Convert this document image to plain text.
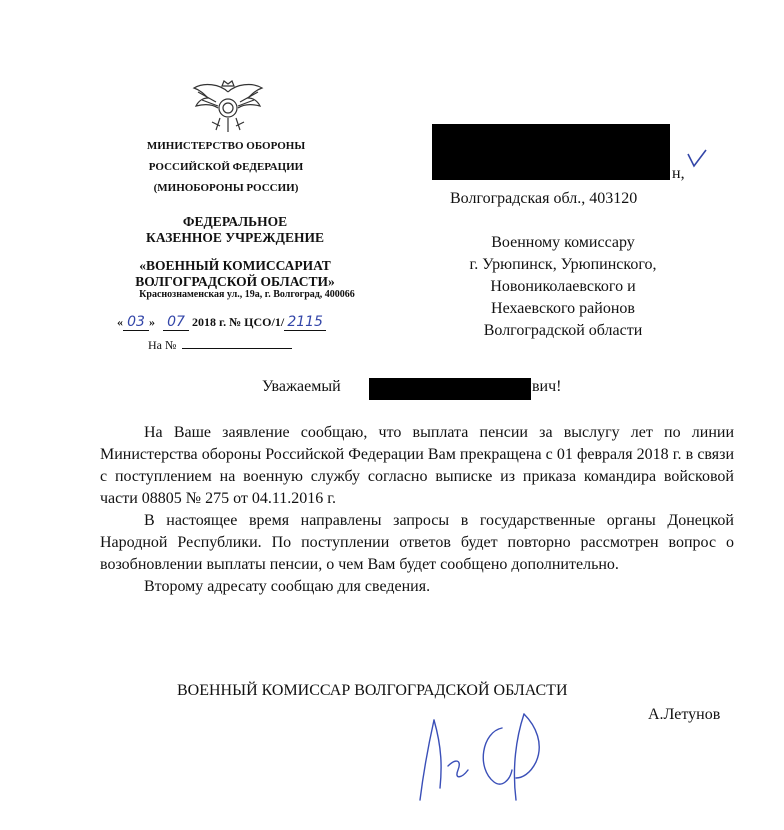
МИНИСТЕРСТВО ОБОРОНЫ
РОССИЙСКОЙ ФЕДЕРАЦИИ
(МИНОБОРОНЫ РОССИИ)
ФЕДЕРАЛЬНОЕ
КАЗЕННОЕ УЧРЕЖДЕНИЕ
«ВОЕННЫЙ КОМИССАРИАТ
ВОЛГОГРАДСКОЙ ОБЛАСТИ»
Краснознаменская ул., 19а, г. Волгоград, 400066
« 03 » 07 2018 г. № ЦСО/1/ 2115
На №
н,
Волгоградская обл., 403120
Военному комиссару
г. Урюпинск, Урюпинского,
Новониколаевского и
Нехаевского районов
Волгоградской области
Уважаемый	вич!

На Ваше заявление сообщаю, что выплата пенсии за выслугу лет по линии Министерства обороны Российской Федерации Вам прекращена с 01 февраля 2018 г. в связи с поступлением на военную службу согласно выписке из приказа командира войсковой части 08805 № 275 от 04.11.2016 г.

В настоящее время направлены запросы в государственные органы Донецкой Народной Республики. По поступлении ответов будет повторно рассмотрен вопрос о возобновлении выплаты пенсии, о чем Вам будет сообщено дополнительно.

Второму адресату сообщаю для сведения.

ВОЕННЫЙ КОМИССАР ВОЛГОГРАДСКОЙ ОБЛАСТИ
А.Летунов
